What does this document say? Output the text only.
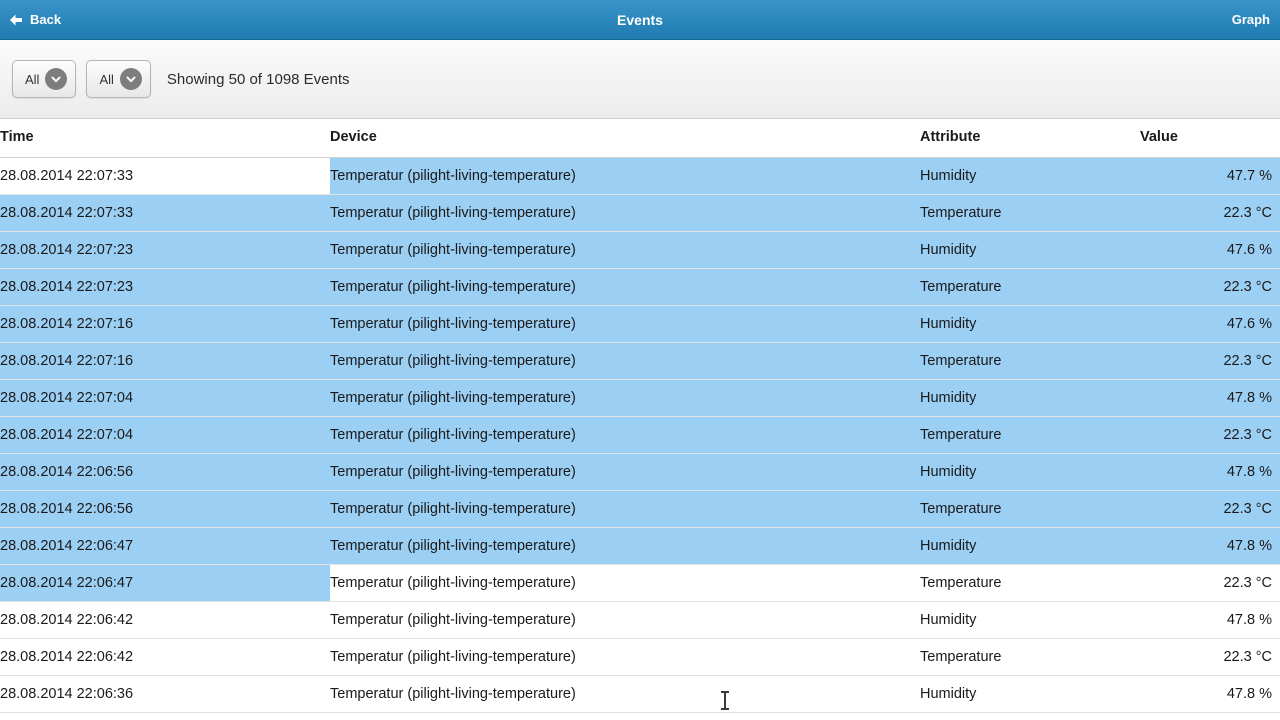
Back	Events	Graph
All	All	Showing 50 of 1098 Events
Time	Device	Attribute	Value
28.08.2014 22:07:33	Temperatur (pilight-living-temperature)	Humidity	47.7 %
28.08.2014 22:07:33	Temperatur (pilight-living-temperature)	Temperature	22.3 °C
28.08.2014 22:07:23	Temperatur (pilight-living-temperature)	Humidity	47.6 %
28.08.2014 22:07:23	Temperatur (pilight-living-temperature)	Temperature	22.3 °C
28.08.2014 22:07:16	Temperatur (pilight-living-temperature)	Humidity	47.6 %
28.08.2014 22:07:16	Temperatur (pilight-living-temperature)	Temperature	22.3 °C
28.08.2014 22:07:04	Temperatur (pilight-living-temperature)	Humidity	47.8 %
28.08.2014 22:07:04	Temperatur (pilight-living-temperature)	Temperature	22.3 °C
28.08.2014 22:06:56	Temperatur (pilight-living-temperature)	Humidity	47.8 %
28.08.2014 22:06:56	Temperatur (pilight-living-temperature)	Temperature	22.3 °C
28.08.2014 22:06:47	Temperatur (pilight-living-temperature)	Humidity	47.8 %
28.08.2014 22:06:47	Temperatur (pilight-living-temperature)	Temperature	22.3 °C
28.08.2014 22:06:42	Temperatur (pilight-living-temperature)	Humidity	47.8 %
28.08.2014 22:06:42	Temperatur (pilight-living-temperature)	Temperature	22.3 °C
28.08.2014 22:06:36	Temperatur (pilight-living-temperature)	Humidity	47.8 %
